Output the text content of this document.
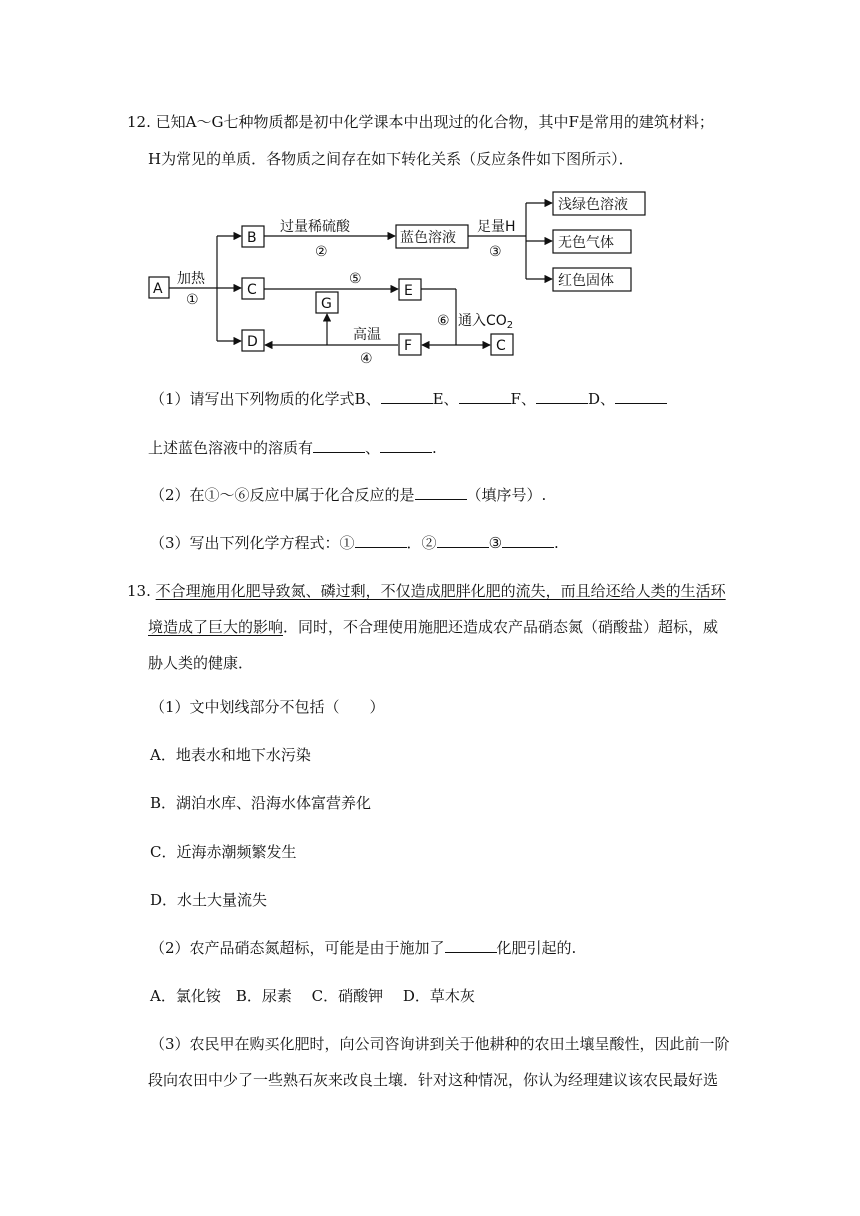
12. 已知A～G七种物质都是初中化学课本中出现过的化合物，其中F是常用的建筑材料；
H为常见的单质．各物质之间存在如下转化关系（反应条件如下图所示）．
A
B
C
D
E
G
F	C
蓝色溶液
浅绿色溶液
无色气体
红色固体
加热
①
过量稀硫酸
②
足量H
③
⑤
高温
④
⑥ 通入$CO_2$
（1）请写出下列物质的化学式B、	E、	F、	D、
上述蓝色溶液中的溶质有	、	.
（2）在①～⑥反应中属于化合反应的是	（填序号）.
（3）写出下列化学方程式：①	．②	③	.
13. 不合理施用化肥导致氮、磷过剩，不仅造成肥胖化肥的流失，而且给还给人类的生活环
境造成了巨大的影响．同时，不合理使用施肥还造成农产品硝态氮（硝酸盐）超标，威
胁人类的健康．
（1）文中划线部分不包括（　　）
A．地表水和地下水污染
B．湖泊水库、沿海水体富营养化
C．近海赤潮频繁发生
D．水土大量流失
（2）农产品硝态氮超标，可能是由于施加了	化肥引起的.
A．氯化铵　B．尿素　 C．硝酸钾　 D．草木灰
（3）农民甲在购买化肥时，向公司咨询讲到关于他耕种的农田土壤呈酸性，因此前一阶
段向农田中少了一些熟石灰来改良土壤．针对这种情况，你认为经理建议该农民最好选
